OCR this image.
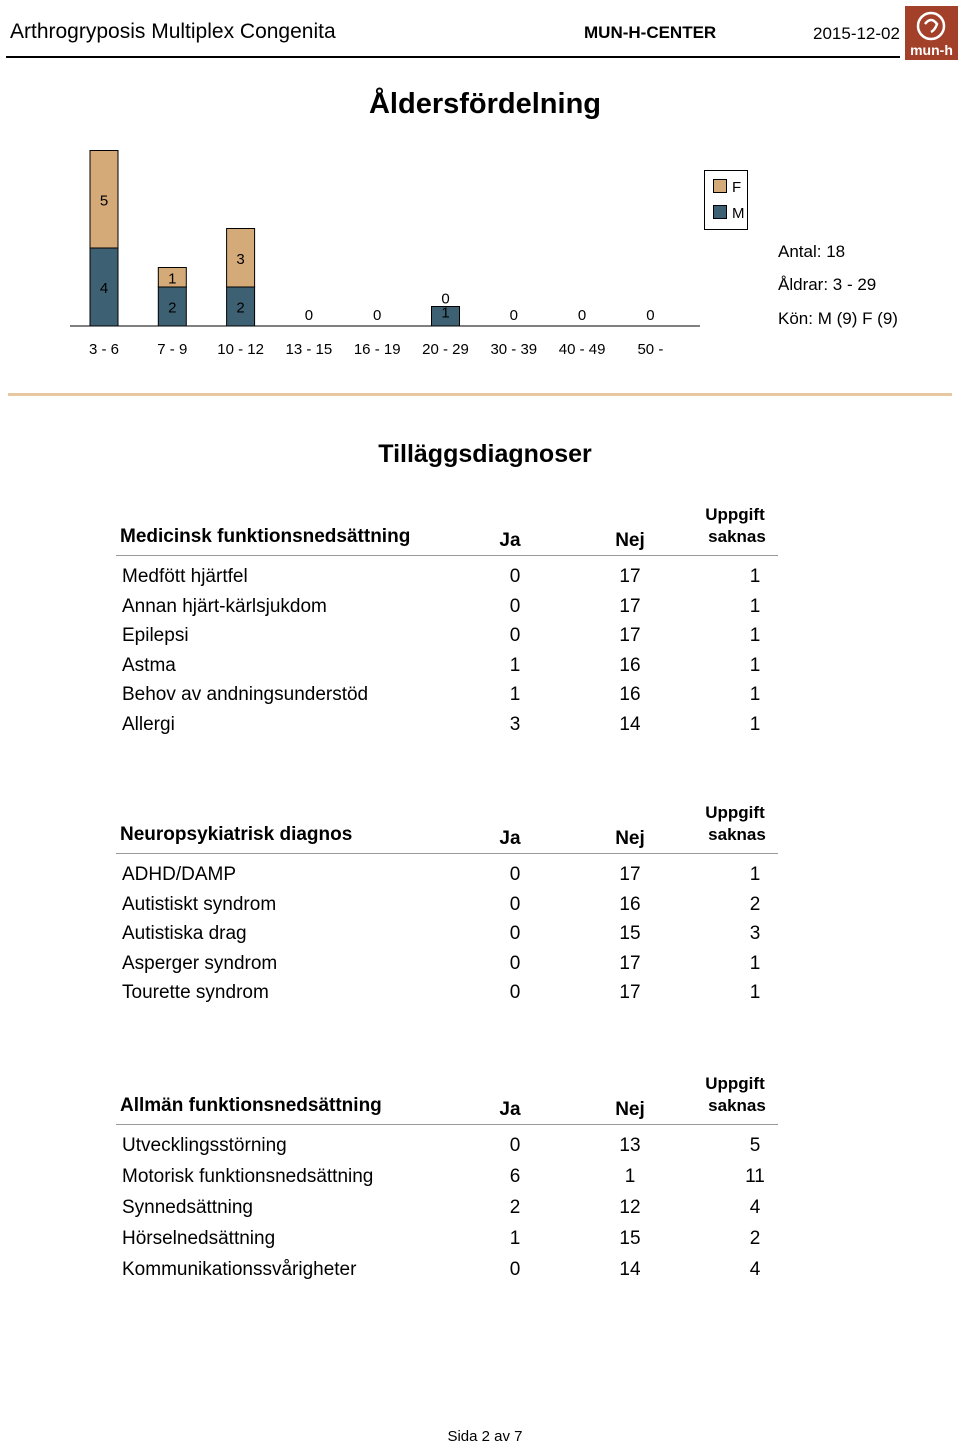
Arthrogryposis Multiplex Congenita	MUN-H-CENTER	2015-12-02
mun-h
Åldersfördelning
4
5
3 - 6
2
1
7 - 9
2
3
10 - 12
0
13 - 15
0
16 - 19
1
0
20 - 29
0
30 - 39
0
40 - 49
0
50 -
F
M
Antal: 18
Åldrar: 3 - 29
Kön: M (9) F (9)
Tilläggsdiagnoser
Medicinsk funktionsnedsättning	Ja	Nej
Uppgift
saknas
Medfött hjärtfel	0	17	1
Annan hjärt-kärlsjukdom	0	17	1
Epilepsi	0	17	1
Astma	1	16	1
Behov av andningsunderstöd	1	16	1
Allergi	3	14	1
Neuropsykiatrisk diagnos	Ja	Nej
Uppgift
saknas
ADHD/DAMP	0	17	1
Autistiskt syndrom	0	16	2
Autistiska drag	0	15	3
Asperger syndrom	0	17	1
Tourette syndrom	0	17	1
Allmän funktionsnedsättning	Ja	Nej
Uppgift
saknas
Utvecklingsstörning	0	13	5
Motorisk funktionsnedsättning	6	1	11
Synnedsättning	2	12	4
Hörselnedsättning	1	15	2
Kommunikationssvårigheter	0	14	4
Sida 2 av 7
